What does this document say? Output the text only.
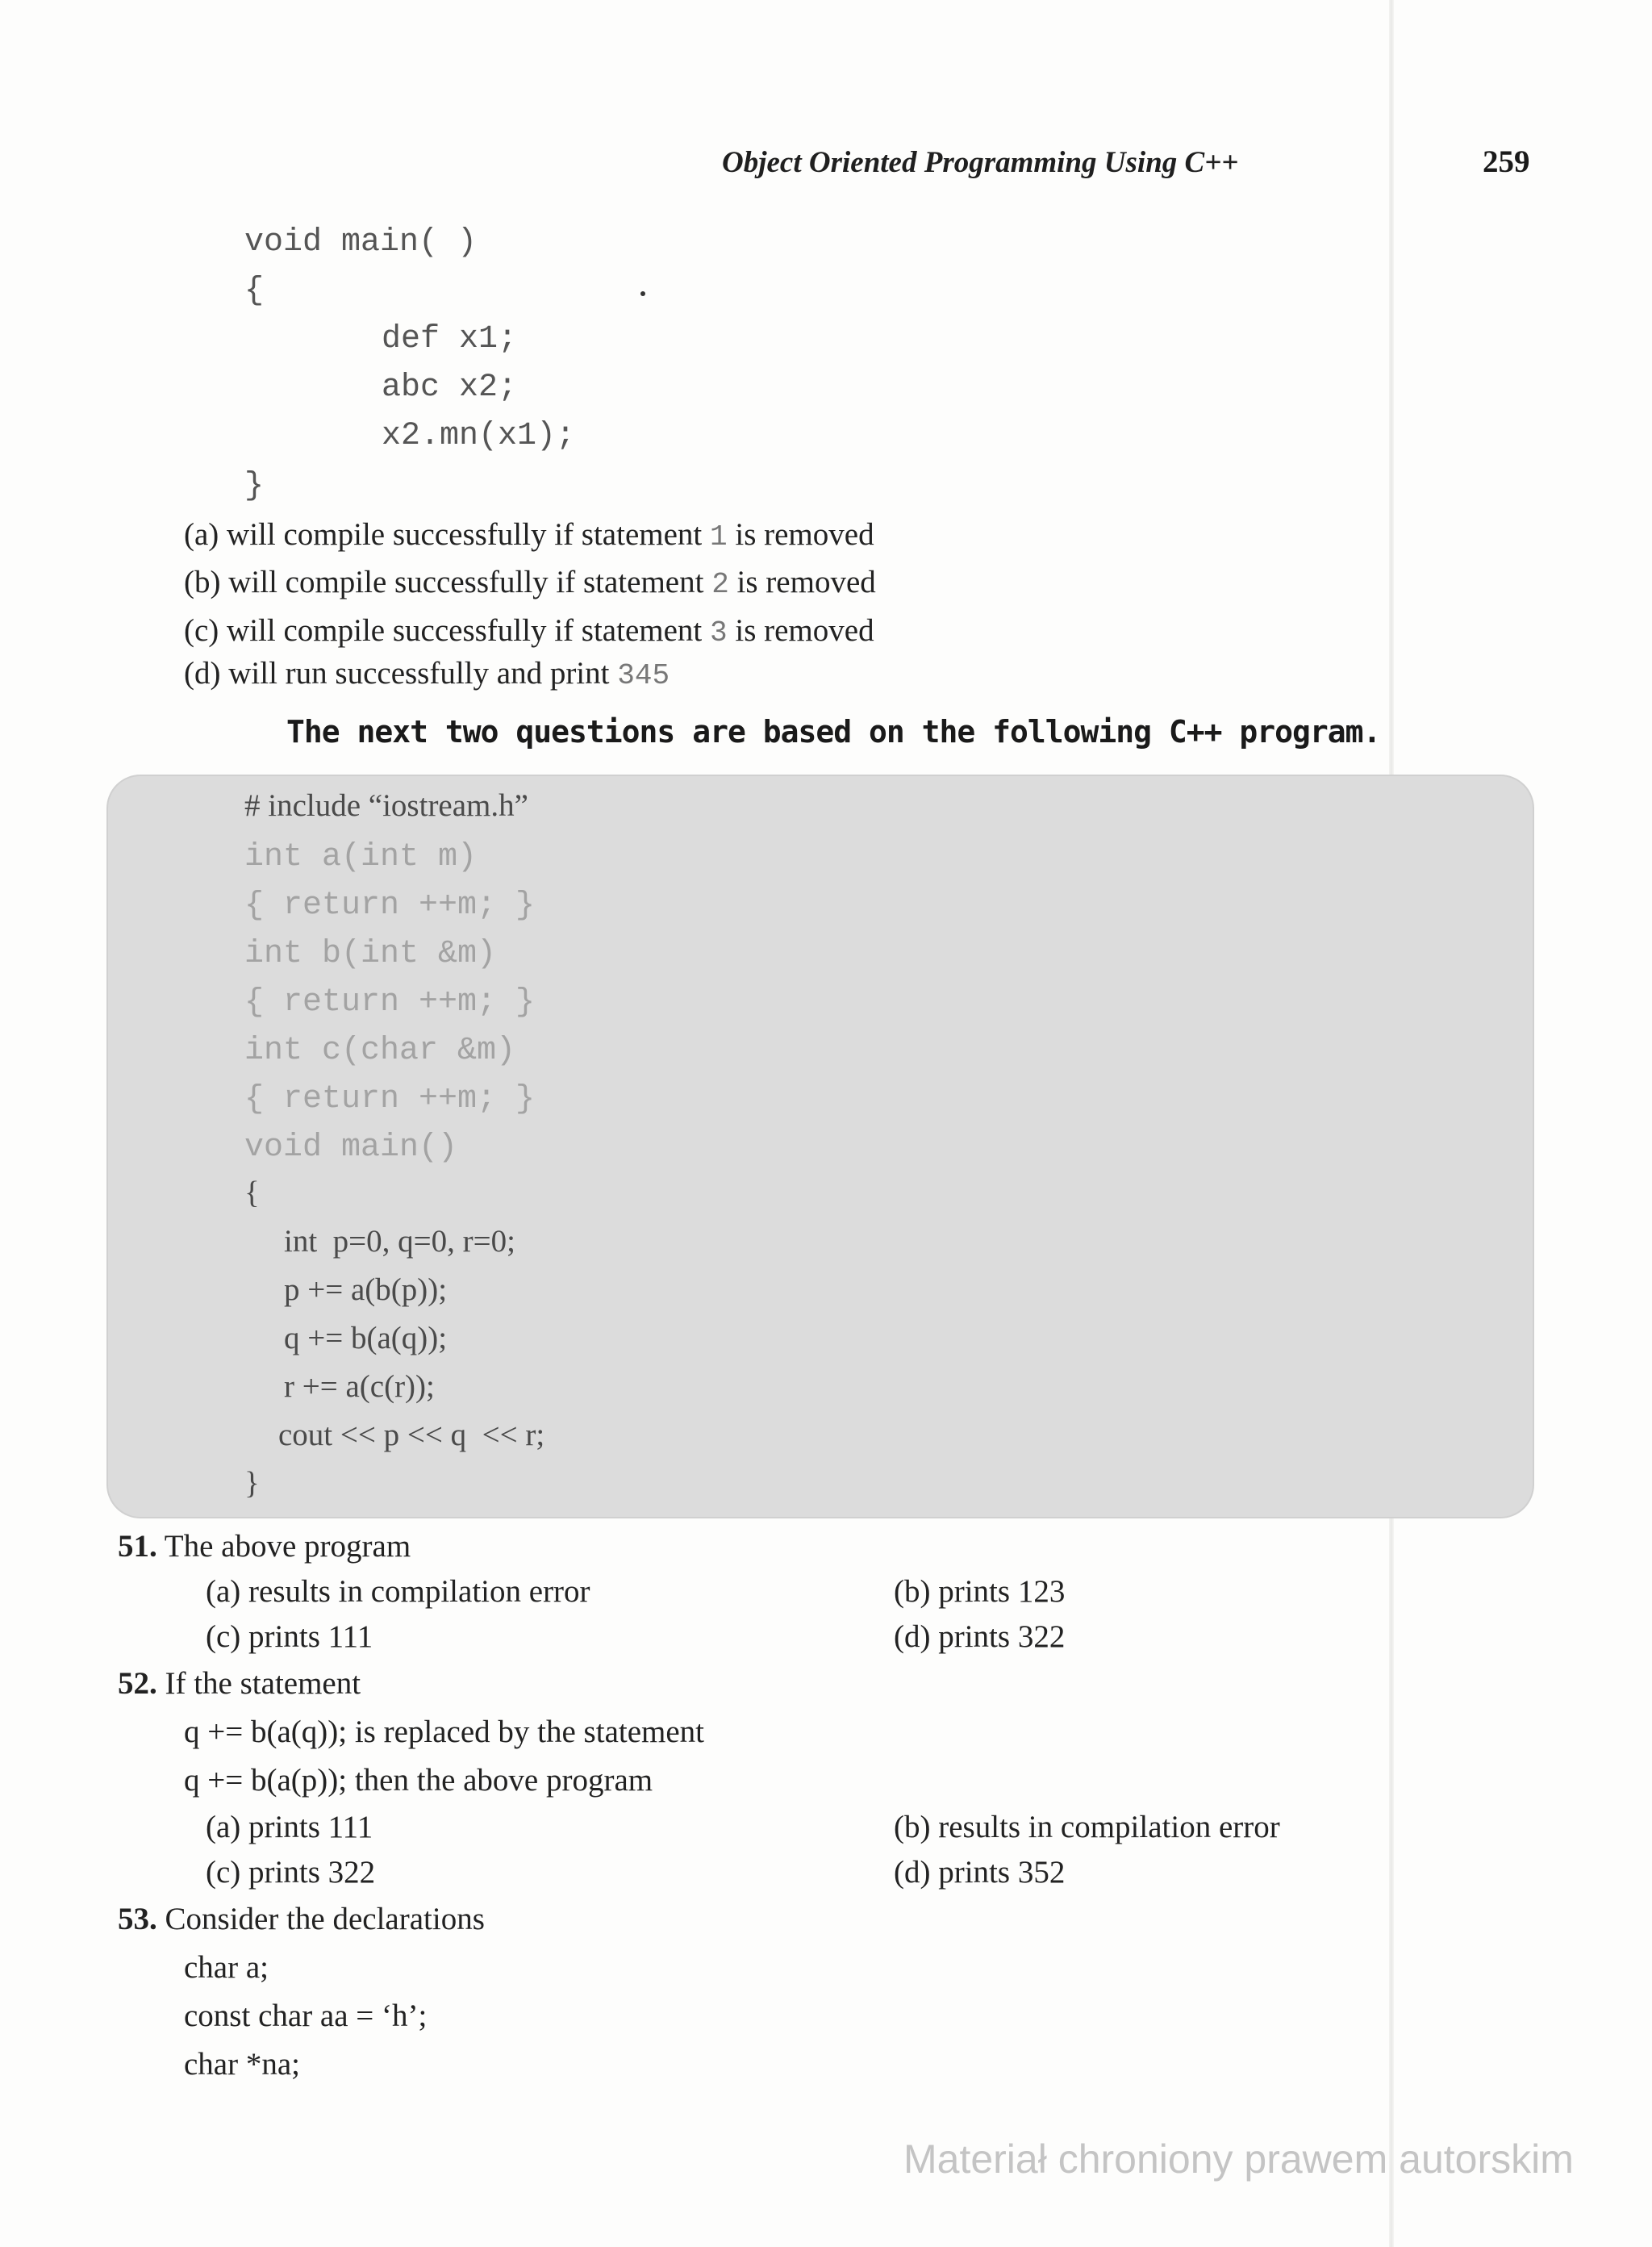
Object Oriented Programming Using C++	259
void main( )
{
def x1;
abc x2;
x2.mn(x1);
}
(a) will compile successfully if statement 1 is removed
(b) will compile successfully if statement 2 is removed
(c) will compile successfully if statement 3 is removed
(d) will run successfully and print 345
The next two questions are based on the following C++ program.
# include “iostream.h”
int a(int m)
{ return ++m; }
int b(int &m)
{ return ++m; }
int c(char &m)
{ return ++m; }
void main()
{
int  p=0, q=0, r=0;
p += a(b(p));
q += b(a(q));
r += a(c(r));
cout << p << q  << r;
}
51. The above program
(a) results in compilation error	(b) prints 123
(c) prints 111	(d) prints 322
52. If the statement
q += b(a(q)); is replaced by the statement
q += b(a(p)); then the above program
(a) prints 111	(b) results in compilation error
(c) prints 322	(d) prints 352
53. Consider the declarations
char a;
const char aa = ‘h’;
char *na;
Materiał chroniony prawem autorskim
